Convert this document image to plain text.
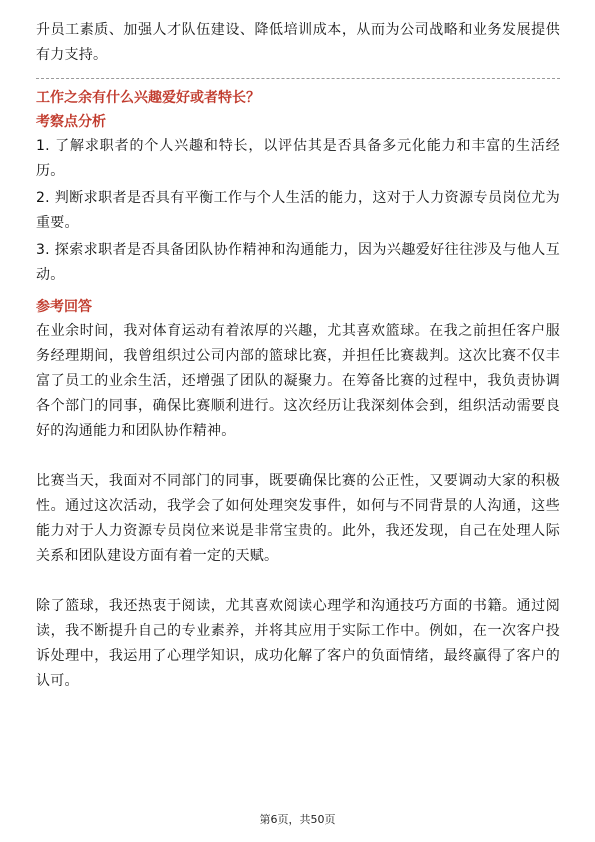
升员工素质、加强人才队伍建设、降低培训成本，从而为公司战略和业务发展提供有力支持。

工作之余有什么兴趣爱好或者特长？
考察点分析

1. 了解求职者的个人兴趣和特长，以评估其是否具备多元化能力和丰富的生活经历。

2. 判断求职者是否具有平衡工作与个人生活的能力，这对于人力资源专员岗位尤为重要。

3. 探索求职者是否具备团队协作精神和沟通能力，因为兴趣爱好往往涉及与他人互动。

参考回答

在业余时间，我对体育运动有着浓厚的兴趣，尤其喜欢篮球。在我之前担任客户服务经理期间，我曾组织过公司内部的篮球比赛，并担任比赛裁判。这次比赛不仅丰富了员工的业余生活，还增强了团队的凝聚力。在筹备比赛的过程中，我负责协调各个部门的同事，确保比赛顺利进行。这次经历让我深刻体会到，组织活动需要良好的沟通能力和团队协作精神。

比赛当天，我面对不同部门的同事，既要确保比赛的公正性，又要调动大家的积极性。通过这次活动，我学会了如何处理突发事件，如何与不同背景的人沟通，这些能力对于人力资源专员岗位来说是非常宝贵的。此外，我还发现，自己在处理人际关系和团队建设方面有着一定的天赋。

除了篮球，我还热衷于阅读，尤其喜欢阅读心理学和沟通技巧方面的书籍。通过阅读，我不断提升自己的专业素养，并将其应用于实际工作中。例如，在一次客户投诉处理中，我运用了心理学知识，成功化解了客户的负面情绪，最终赢得了客户的认可。

第6页，共50页
